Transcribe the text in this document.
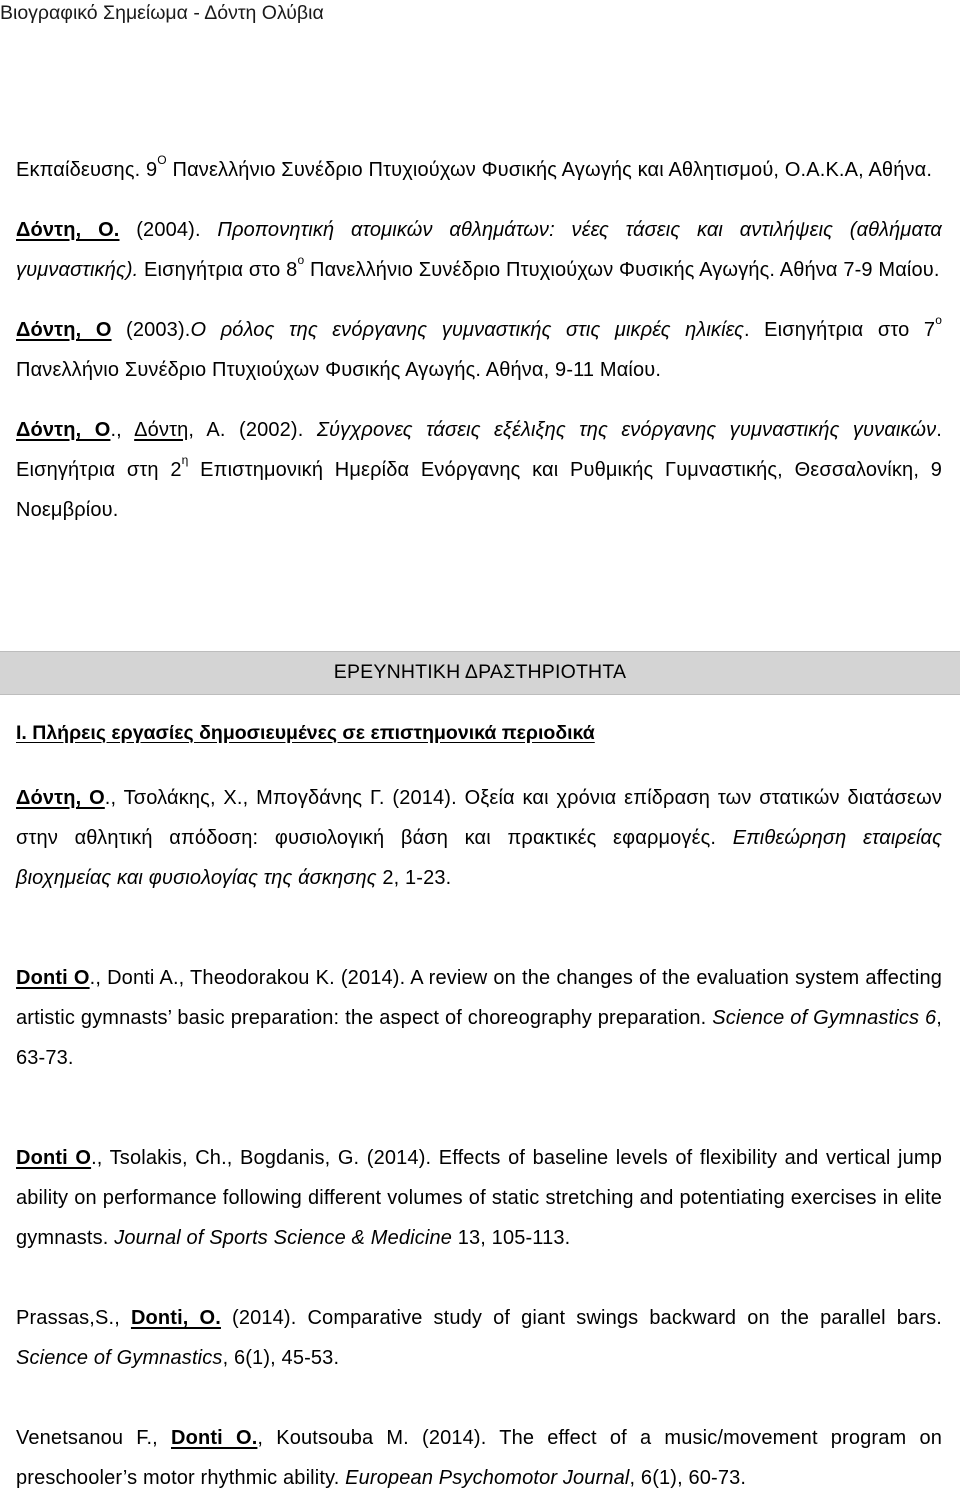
Βιογραφικό Σημείωμα - Δόντη Ολύβια

Εκπαίδευσης. $9^O$ Πανελλήνιο Συνέδριο Πτυχιούχων Φυσικής Αγωγής και Αθλητισμού, Ο.Α.Κ.Α, Αθήνα.

Δόντη, Ο. (2004). Προπονητική ατομικών αθλημάτων: νέες τάσεις και αντιλήψεις (αθλήματα γυμναστικής). Εισηγήτρια στο $8^o$ Πανελλήνιο Συνέδριο Πτυχιούχων Φυσικής Αγωγής. Αθήνα 7-9 Μαίου.

Δόντη, Ο (2003).Ο ρόλος της ενόργανης γυμναστικής στις μικρές ηλικίες. Εισηγήτρια στο $7^o$ Πανελλήνιο Συνέδριο Πτυχιούχων Φυσικής Αγωγής. Αθήνα, 9-11 Μαίου.

Δόντη, Ο., Δόντη, Α. (2002). Σύγχρονες τάσεις εξέλιξης της ενόργανης γυμναστικής γυναικών. Εισηγήτρια στη $2^\eta$ Επιστημονική Ημερίδα Ενόργανης και Ρυθμικής Γυμναστικής, Θεσσαλονίκη, 9 Νοεμβρίου.

ΕΡΕΥΝΗΤΙΚΗ ΔΡΑΣΤΗΡΙΟΤΗΤΑ
Ι. Πλήρεις εργασίες δημοσιευμένες σε επιστημονικά περιοδικά

Δόντη, Ο., Τσολάκης, Χ., Μπογδάνης Γ. (2014). Οξεία και χρόνια επίδραση των στατικών διατάσεων στην αθλητική απόδοση: φυσιολογική βάση και πρακτικές εφαρμογές. Επιθεώρηση εταιρείας βιοχημείας και φυσιολογίας της άσκησης 2, 1-23.

Donti O., Donti A., Theodorakou K. (2014). A review on the changes of the evaluation system affecting artistic gymnasts’ basic preparation: the aspect of choreography preparation. Science of Gymnastics 6, 63-73.

Donti O., Tsolakis, Ch., Bogdanis, G. (2014). Effects of baseline levels of flexibility and vertical jump ability on performance following different volumes of static stretching and potentiating exercises in elite gymnasts. Journal of Sports Science & Medicine 13, 105-113.

Prassas,S., Donti, O. (2014). Comparative study of giant swings backward on the parallel bars. Science of Gymnastics, 6(1), 45-53.

Venetsanou F., Donti O., Koutsouba M. (2014). The effect of a music/movement program on preschooler’s motor rhythmic ability. European Psychomotor Journal, 6(1), 60-73.
